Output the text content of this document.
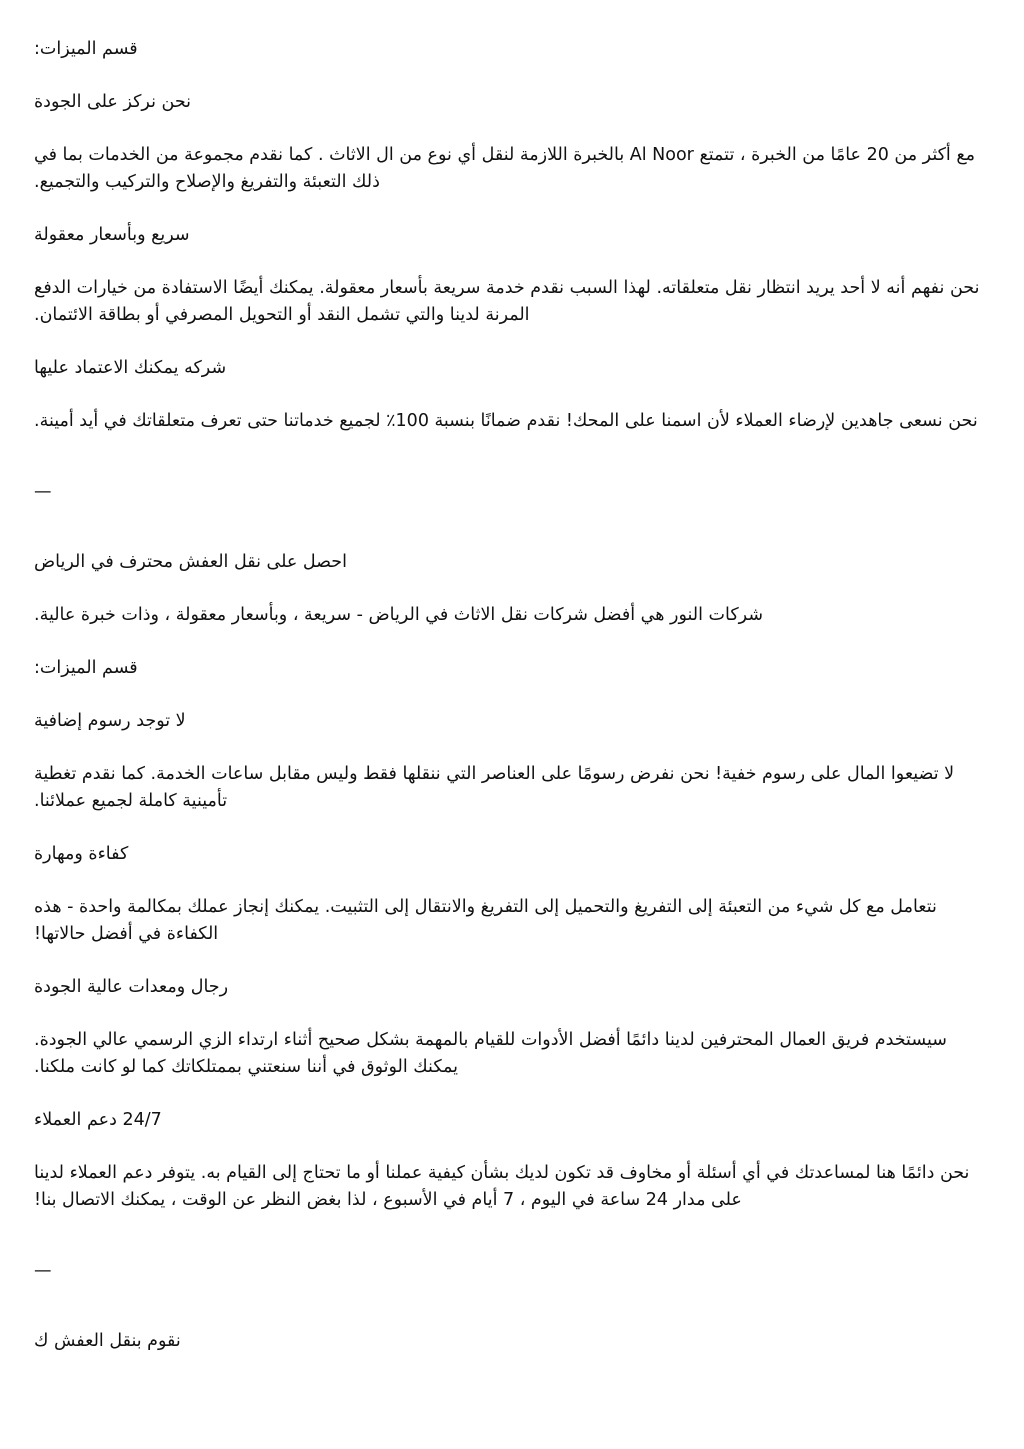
قسم الميزات:

نحن نركز على الجودة

مع أكثر من 20 عامًا من الخبرة ، تتمتع Al Noor بالخبرة اللازمة لنقل أي نوع من ال الاثاث . كما نقدم مجموعة من الخدمات بما في ذلك التعبئة والتفريغ والإصلاح والتركيب والتجميع.

سريع وبأسعار معقولة

نحن نفهم أنه لا أحد يريد انتظار نقل متعلقاته. لهذا السبب نقدم خدمة سريعة بأسعار معقولة. يمكنك أيضًا الاستفادة من خيارات الدفع المرنة لدينا والتي تشمل النقد أو التحويل المصرفي أو بطاقة الائتمان.

شركه يمكنك الاعتماد عليها

نحن نسعى جاهدين لإرضاء العملاء لأن اسمنا على المحك! نقدم ضمانًا بنسبة 100٪ لجميع خدماتنا حتى تعرف متعلقاتك في أيد أمينة.

—

احصل على نقل العفش محترف في الرياض

شركات النور هي أفضل شركات نقل الاثاث في الرياض - سريعة ، وبأسعار معقولة ، وذات خبرة عالية.

قسم الميزات:

لا توجد رسوم إضافية

لا تضيعوا المال على رسوم خفية! نحن نفرض رسومًا على العناصر التي ننقلها فقط وليس مقابل ساعات الخدمة. كما نقدم تغطية تأمينية كاملة لجميع عملائنا.

كفاءة ومهارة

نتعامل مع كل شيء من التعبئة إلى التفريغ والتحميل إلى التفريغ والانتقال إلى التثبيت. يمكنك إنجاز عملك بمكالمة واحدة - هذه الكفاءة في أفضل حالاتها!

رجال ومعدات عالية الجودة

سيستخدم فريق العمال المحترفين لدينا دائمًا أفضل الأدوات للقيام بالمهمة بشكل صحيح أثناء ارتداء الزي الرسمي عالي الجودة. يمكنك الوثوق في أننا سنعتني بممتلكاتك كما لو كانت ملكنا.

24/7 دعم العملاء

نحن دائمًا هنا لمساعدتك في أي أسئلة أو مخاوف قد تكون لديك بشأن كيفية عملنا أو ما تحتاج إلى القيام به. يتوفر دعم العملاء لدينا على مدار 24 ساعة في اليوم ، 7 أيام في الأسبوع ، لذا بغض النظر عن الوقت ، يمكنك الاتصال بنا!

—

نقوم بنقل العفش ك
